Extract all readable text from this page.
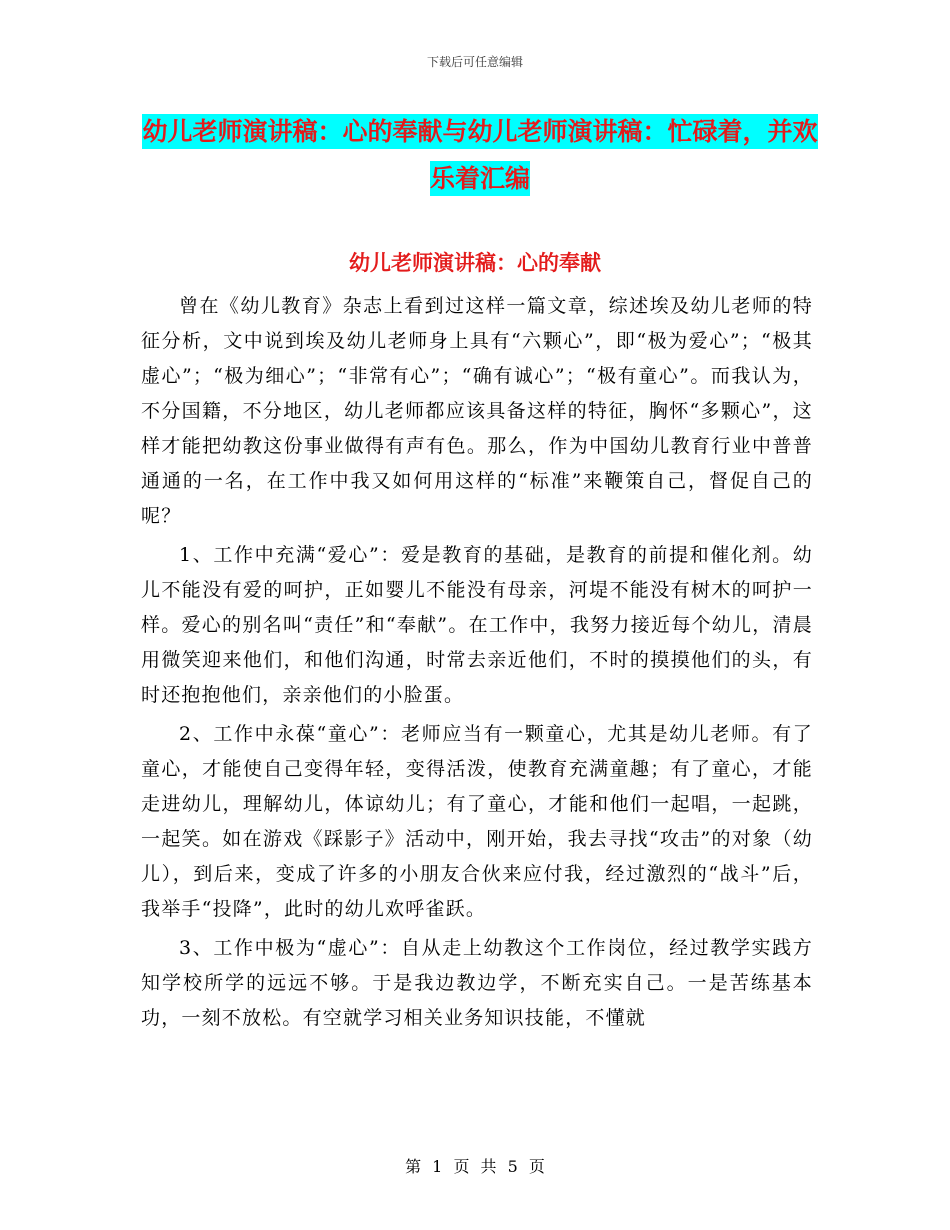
下载后可任意编辑
幼儿老师演讲稿：心的奉献与幼儿老师演讲稿：忙碌着，并欢乐着汇编
幼儿老师演讲稿：心的奉献

曾在《幼儿教育》杂志上看到过这样一篇文章，综述埃及幼儿老师的特征分析，文中说到埃及幼儿老师身上具有“六颗心”，即“极为爱心”；“极其虚心”；“极为细心”；“非常有心”；“确有诚心”；“极有童心”。而我认为，不分国籍，不分地区，幼儿老师都应该具备这样的特征，胸怀“多颗心”，这样才能把幼教这份事业做得有声有色。那么，作为中国幼儿教育行业中普普通通的一名，在工作中我又如何用这样的“标准”来鞭策自己，督促自己的呢？

1、工作中充满“爱心”：爱是教育的基础，是教育的前提和催化剂。幼儿不能没有爱的呵护，正如婴儿不能没有母亲，河堤不能没有树木的呵护一样。爱心的别名叫“责任”和“奉献”。在工作中，我努力接近每个幼儿，清晨用微笑迎来他们，和他们沟通，时常去亲近他们，不时的摸摸他们的头，有时还抱抱他们，亲亲他们的小脸蛋。

2、工作中永葆“童心”：老师应当有一颗童心，尤其是幼儿老师。有了童心，才能使自己变得年轻，变得活泼，使教育充满童趣；有了童心，才能走进幼儿，理解幼儿，体谅幼儿；有了童心，才能和他们一起唱，一起跳，一起笑。如在游戏《踩影子》活动中，刚开始，我去寻找“攻击”的对象（幼儿），到后来，变成了许多的小朋友合伙来应付我，经过激烈的“战斗”后，我举手“投降”，此时的幼儿欢呼雀跃。

3、工作中极为“虚心”：自从走上幼教这个工作岗位，经过教学实践方知学校所学的远远不够。于是我边教边学，不断充实自己。一是苦练基本功，一刻不放松。有空就学习相关业务知识技能，不懂就

第 1 页 共 5 页
